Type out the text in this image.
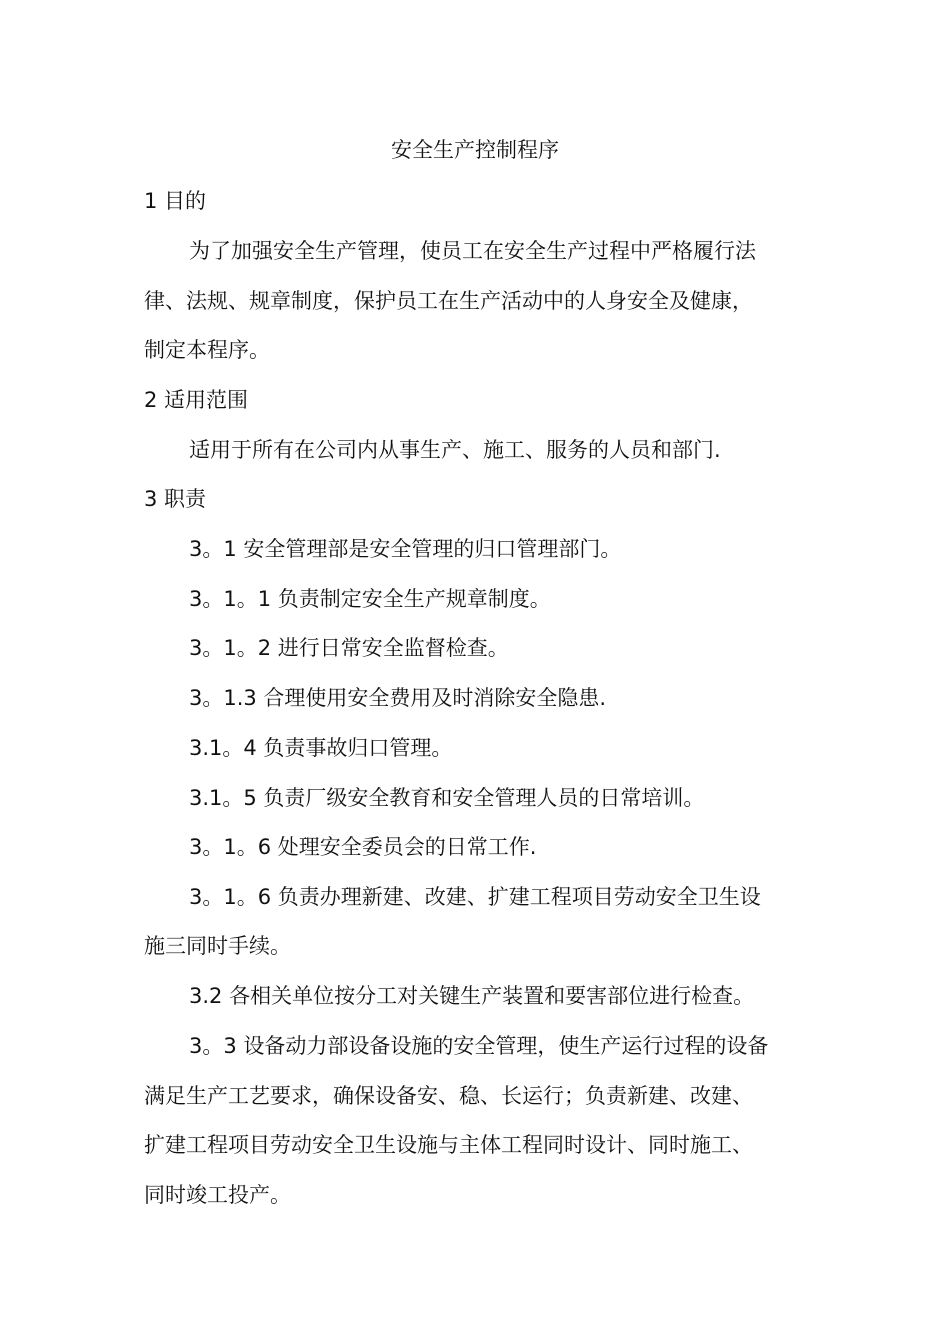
安全生产控制程序
1 目的
为了加强安全生产管理，使员工在安全生产过程中严格履行法
律、法规、规章制度，保护员工在生产活动中的人身安全及健康，
制定本程序。
2 适用范围
适用于所有在公司内从事生产、施工、服务的人员和部门.
3 职责
3。1 安全管理部是安全管理的归口管理部门。
3。1。1 负责制定安全生产规章制度。
3。1。2 进行日常安全监督检查。
3。1.3 合理使用安全费用及时消除安全隐患.
3.1。4 负责事故归口管理。
3.1。5 负责厂级安全教育和安全管理人员的日常培训。
3。1。6 处理安全委员会的日常工作.
3。1。6 负责办理新建、改建、扩建工程项目劳动安全卫生设
施三同时手续。
3.2 各相关单位按分工对关键生产装置和要害部位进行检查。
3。3 设备动力部设备设施的安全管理，使生产运行过程的设备
满足生产工艺要求，确保设备安、稳、长运行；负责新建、改建、
扩建工程项目劳动安全卫生设施与主体工程同时设计、同时施工、
同时竣工投产。
